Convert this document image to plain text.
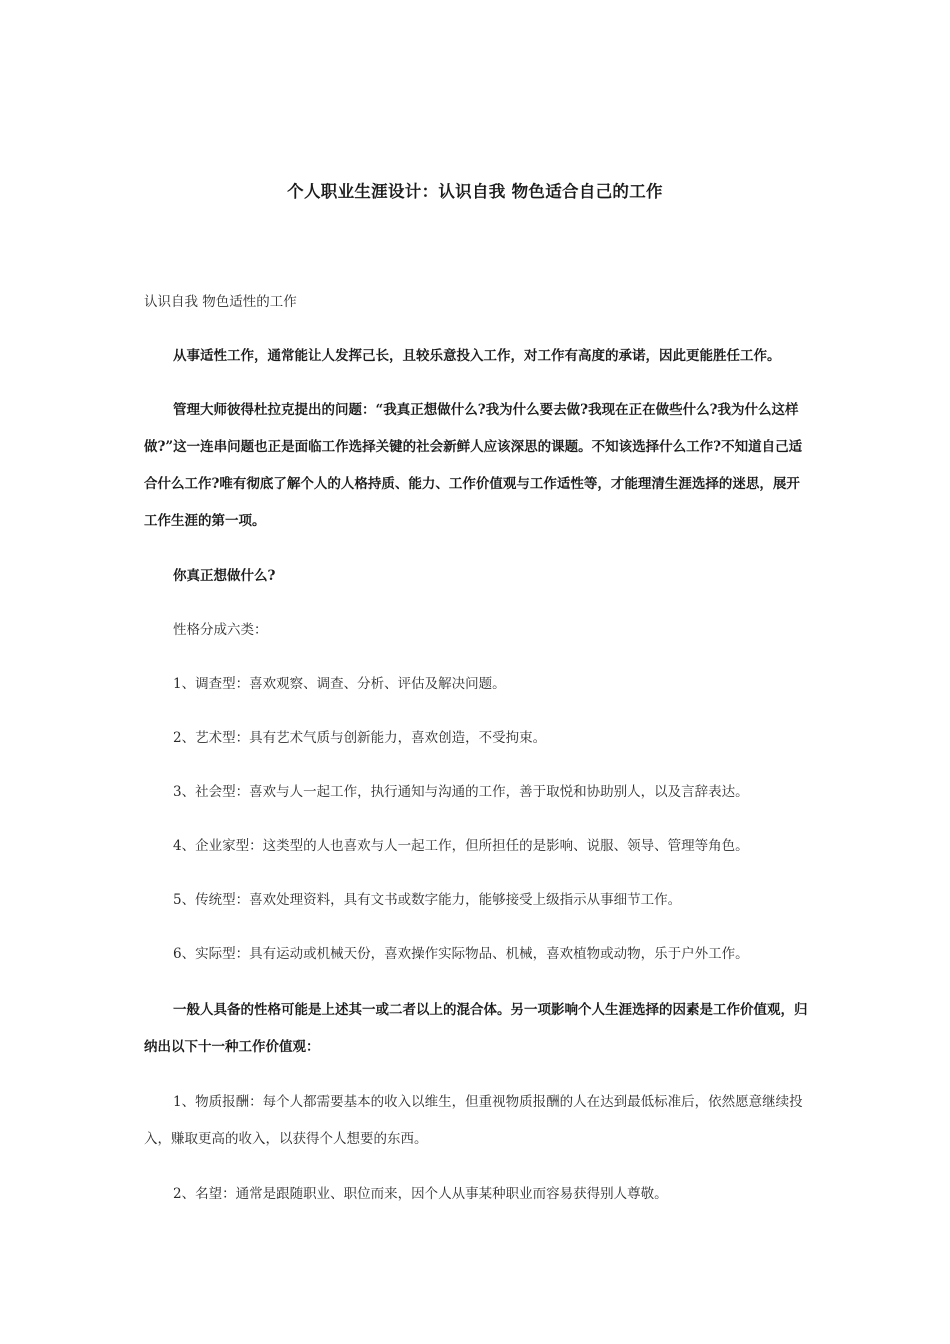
个人职业生涯设计：认识自我 物色适合自己的工作

认识自我 物色适性的工作

从事适性工作，通常能让人发挥己长，且较乐意投入工作，对工作有高度的承诺，因此更能胜任工作。

管理大师彼得杜拉克提出的问题：“我真正想做什么?我为什么要去做?我现在正在做些什么?我为什么这样做?”这一连串问题也正是面临工作选择关键的社会新鲜人应该深思的课题。不知该选择什么工作?不知道自己适合什么工作?唯有彻底了解个人的人格持质、能力、工作价值观与工作适性等，才能理清生涯选择的迷思，展开工作生涯的第一项。

你真正想做什么?

性格分成六类：

1、调查型：喜欢观察、调查、分析、评估及解决问题。

2、艺术型：具有艺术气质与创新能力，喜欢创造，不受拘束。

3、社会型：喜欢与人一起工作，执行通知与沟通的工作，善于取悦和协助别人，以及言辞表达。

4、企业家型：这类型的人也喜欢与人一起工作，但所担任的是影响、说服、领导、管理等角色。

5、传统型：喜欢处理资料，具有文书或数字能力，能够接受上级指示从事细节工作。

6、实际型：具有运动或机械天份，喜欢操作实际物品、机械，喜欢植物或动物，乐于户外工作。

一般人具备的性格可能是上述其一或二者以上的混合体。另一项影响个人生涯选择的因素是工作价值观，归纳出以下十一种工作价值观：

1、物质报酬：每个人都需要基本的收入以维生，但重视物质报酬的人在达到最低标准后，依然愿意继续投入，赚取更高的收入，以获得个人想要的东西。

2、名望：通常是跟随职业、职位而来，因个人从事某种职业而容易获得别人尊敬。
